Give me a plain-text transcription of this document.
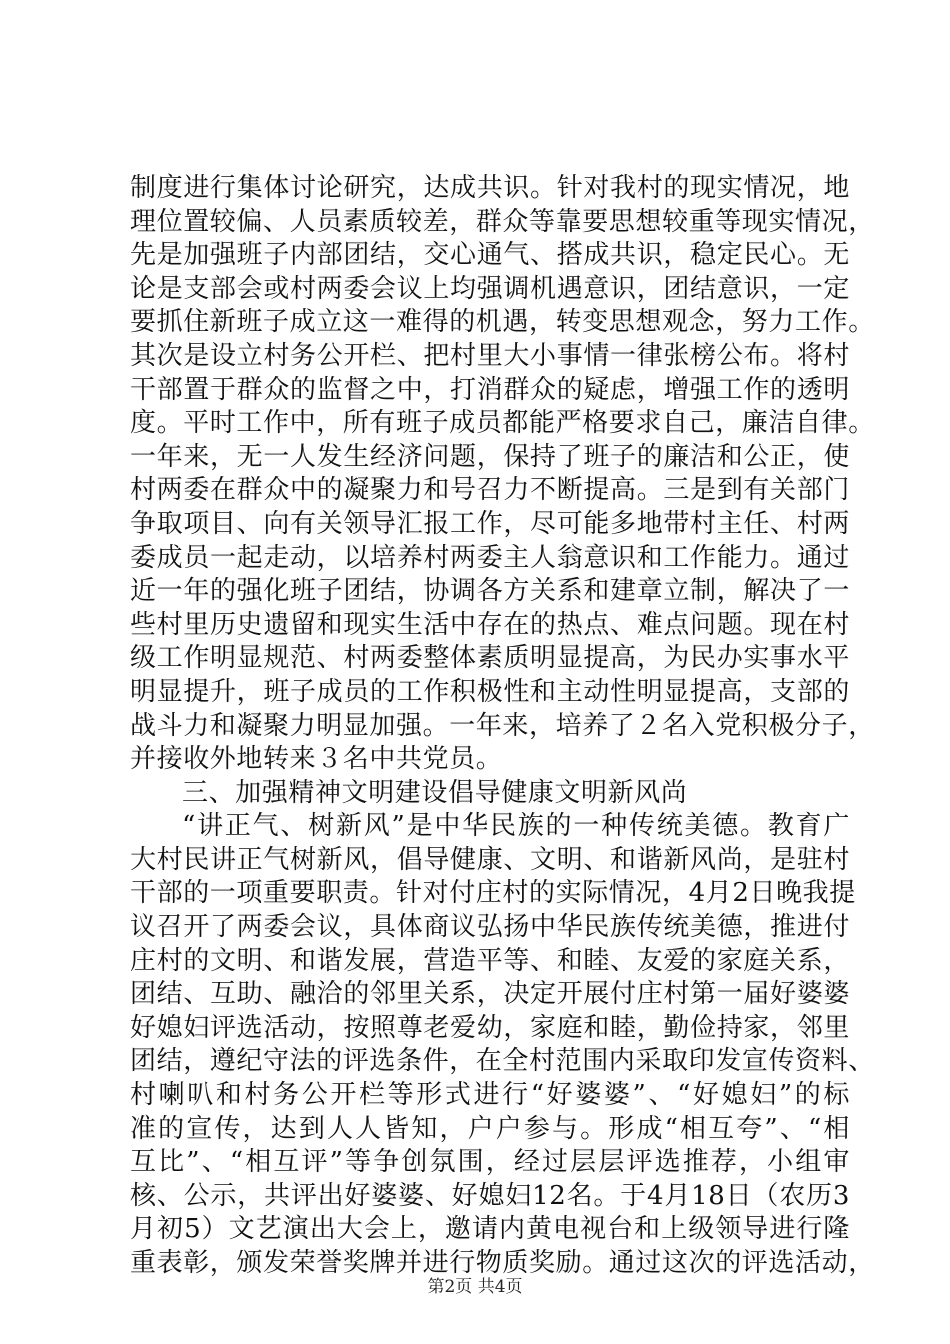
制度进行集体讨论研究，达成共识。针对我村的现实情况，地
理位置较偏、人员素质较差，群众等靠要思想较重等现实情况，
先是加强班子内部团结，交心通气、搭成共识，稳定民心。无
论是支部会或村两委会议上均强调机遇意识，团结意识，一定
要抓住新班子成立这一难得的机遇，转变思想观念，努力工作。
其次是设立村务公开栏、把村里大小事情一律张榜公布。将村
干部置于群众的监督之中，打消群众的疑虑，增强工作的透明
度。平时工作中，所有班子成员都能严格要求自己，廉洁自律。
一年来，无一人发生经济问题，保持了班子的廉洁和公正，使
村两委在群众中的凝聚力和号召力不断提高。三是到有关部门
争取项目、向有关领导汇报工作，尽可能多地带村主任、村两
委成员一起走动，以培养村两委主人翁意识和工作能力。通过
近一年的强化班子团结，协调各方关系和建章立制，解决了一
些村里历史遗留和现实生活中存在的热点、难点问题。现在村
级工作明显规范、村两委整体素质明显提高，为民办实事水平
明显提升，班子成员的工作积极性和主动性明显提高，支部的
战斗力和凝聚力明显加强。一年来，培养了２名入党积极分子，
并接收外地转来３名中共党员。
三、加强精神文明建设倡导健康文明新风尚
“讲正气、树新风”是中华民族的一种传统美德。教育广
大村民讲正气树新风，倡导健康、文明、和谐新风尚，是驻村
干部的一项重要职责。针对付庄村的实际情况，4月2日晚我提
议召开了两委会议，具体商议弘扬中华民族传统美德，推进付
庄村的文明、和谐发展，营造平等、和睦、友爱的家庭关系，
团结、互助、融洽的邻里关系，决定开展付庄村第一届好婆婆
好媳妇评选活动，按照尊老爱幼，家庭和睦，勤俭持家，邻里
团结，遵纪守法的评选条件，在全村范围内采取印发宣传资料、
村喇叭和村务公开栏等形式进行“好婆婆”、“好媳妇”的标
准的宣传，达到人人皆知，户户参与。形成“相互夸”、“相
互比”、“相互评”等争创氛围，经过层层评选推荐，小组审
核、公示，共评出好婆婆、好媳妇12名。于4月18日（农历3
月初5）文艺演出大会上，邀请内黄电视台和上级领导进行隆
重表彰，颁发荣誉奖牌并进行物质奖励。通过这次的评选活动，
第2页 共4页
